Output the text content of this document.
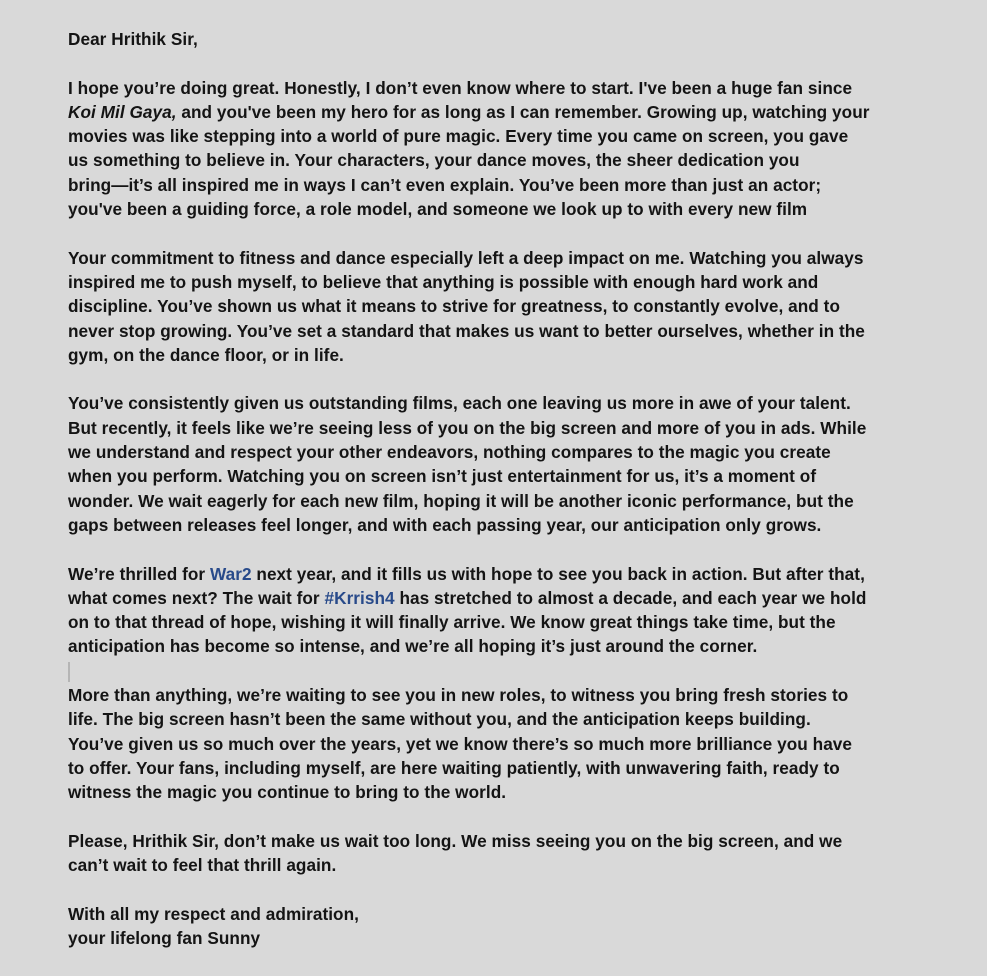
Dear Hrithik Sir,

I hope you’re doing great. Honestly, I don’t even know where to start. I've been a huge fan since
Koi Mil Gaya, and you've been my hero for as long as I can remember. Growing up, watching your
movies was like stepping into a world of pure magic. Every time you came on screen, you gave
us something to believe in. Your characters, your dance moves, the sheer dedication you
bring—it’s all inspired me in ways I can’t even explain. You’ve been more than just an actor;
you've been a guiding force, a role model, and someone we look up to with every new film

Your commitment to fitness and dance especially left a deep impact on me. Watching you always
inspired me to push myself, to believe that anything is possible with enough hard work and
discipline. You’ve shown us what it means to strive for greatness, to constantly evolve, and to
never stop growing. You’ve set a standard that makes us want to better ourselves, whether in the
gym, on the dance floor, or in life.

You’ve consistently given us outstanding films, each one leaving us more in awe of your talent.
But recently, it feels like we’re seeing less of you on the big screen and more of you in ads. While
we understand and respect your other endeavors, nothing compares to the magic you create
when you perform. Watching you on screen isn’t just entertainment for us, it’s a moment of
wonder. We wait eagerly for each new film, hoping it will be another iconic performance, but the
gaps between releases feel longer, and with each passing year, our anticipation only grows.

We’re thrilled for War2 next year, and it fills us with hope to see you back in action. But after that,
what comes next? The wait for #Krrish4 has stretched to almost a decade, and each year we hold
on to that thread of hope, wishing it will finally arrive. We know great things take time, but the
anticipation has become so intense, and we’re all hoping it’s just around the corner.

More than anything, we’re waiting to see you in new roles, to witness you bring fresh stories to
life. The big screen hasn’t been the same without you, and the anticipation keeps building.
You’ve given us so much over the years, yet we know there’s so much more brilliance you have
to offer. Your fans, including myself, are here waiting patiently, with unwavering faith, ready to
witness the magic you continue to bring to the world.

Please, Hrithik Sir, don’t make us wait too long. We miss seeing you on the big screen, and we
can’t wait to feel that thrill again.

With all my respect and admiration,
your lifelong fan Sunny
